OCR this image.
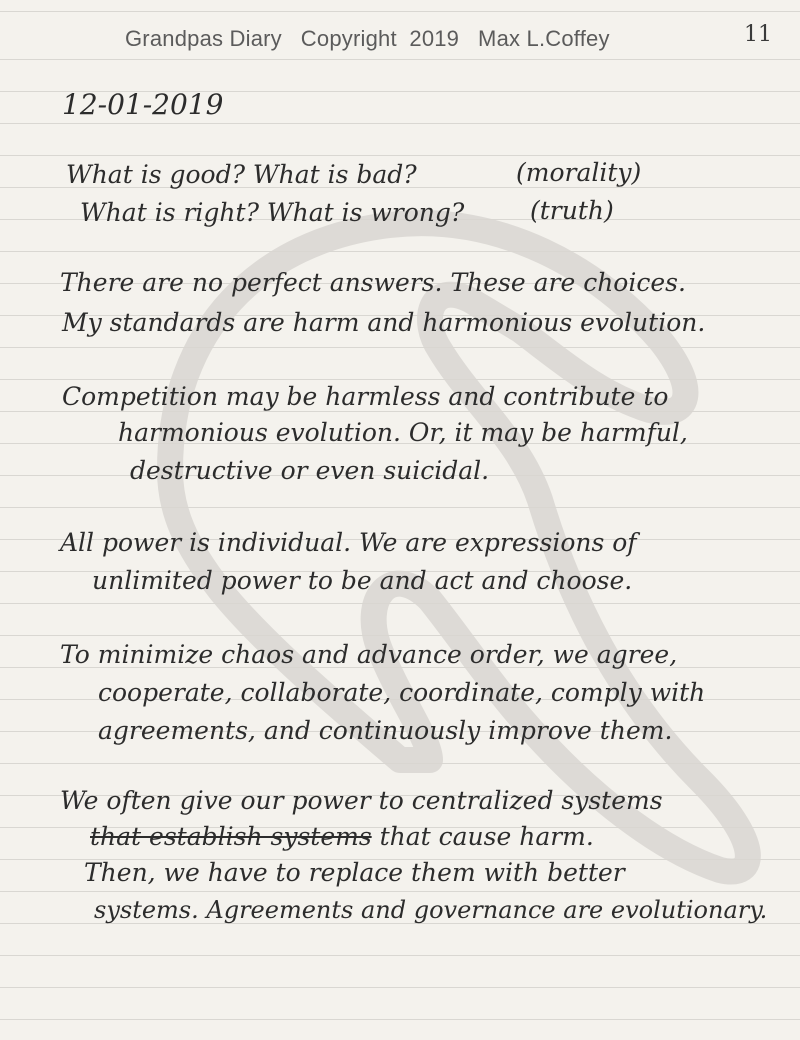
Grandpas Diary   Copyright  2019   Max L.Coffey	11
12-01-2019
What is good? What is bad?	(morality)
What is right? What is wrong?	(truth)
There are no perfect answers. These are choices.
My standards are harm and harmonious evolution.
Competition may be harmless and contribute to
harmonious evolution. Or, it may be harmful,
destructive or even suicidal.
All power is individual. We are expressions of
unlimited power to be and act and choose.
To minimize chaos and advance order, we agree,
cooperate, collaborate, coordinate, comply with
agreements, and continuously improve them.
We often give our power to centralized systems
that establish systems that cause harm.
Then, we have to replace them with better
systems. Agreements and governance are evolutionary.
